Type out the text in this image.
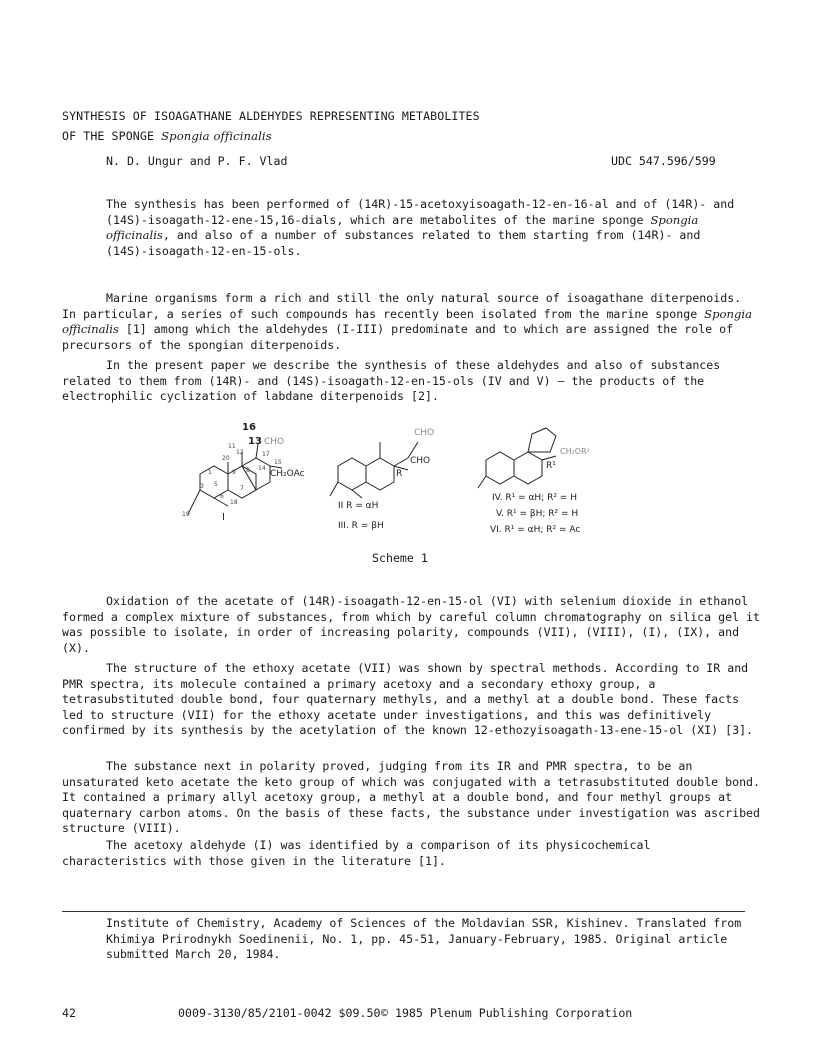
SYNTHESIS OF ISOAGATHANE ALDEHYDES REPRESENTING METABOLITES
OF THE SPONGE Spongia officinalis
N. D. Ungur and P. F. Vlad	UDC 547.596/599
The synthesis has been performed of (14R)-15-acetoxyisoagath-12-en-16-al and of (14R)- and (14S)-isoagath-12-ene-15,16-dials, which are metabolites of the marine sponge Spongia officinalis, and also of a number of substances related to them starting from (14R)- and (14S)-isoagath-12-en-15-ols.

Marine organisms form a rich and still the only natural source of isoagathane diterpenoids. In particular, a series of such compounds has recently been isolated from the marine sponge Spongia officinalis [1] among which the aldehydes (I-III) predominate and to which are assigned the role of precursors of the spongian diterpenoids.

In the present paper we describe the synthesis of these aldehydes and also of substances related to them from (14R)- and (14S)-isoagath-12-en-15-ols (IV and V) — the products of the electrophilic cyclization of labdane diterpenoids [2].

16
13 CHO
11
12
20
1	9 8 14
15
CH₂OAc
3 5
6
7
18
19
17
I
CHO
CHO
R
II R = αH
III. R = βH
CH₂OR²
R¹
IV. R¹ = αH; R² = H
V. R¹ = βH; R² = H
VI. R¹ = αH; R² = Ac
Scheme 1

Oxidation of the acetate of (14R)-isoagath-12-en-15-ol (VI) with selenium dioxide in ethanol formed a complex mixture of substances, from which by careful column chromatography on silica gel it was possible to isolate, in order of increasing polarity, compounds (VII), (VIII), (I), (IX), and (X).

The structure of the ethoxy acetate (VII) was shown by spectral methods. According to IR and PMR spectra, its molecule contained a primary acetoxy and a secondary ethoxy group, a tetrasubstituted double bond, four quaternary methyls, and a methyl at a double bond. These facts led to structure (VII) for the ethoxy acetate under investigations, and this was definitively confirmed by its synthesis by the acetylation of the known 12-ethozyisoagath-13-ene-15-ol (XI) [3].

The substance next in polarity proved, judging from its IR and PMR spectra, to be an unsaturated keto acetate the keto group of which was conjugated with a tetrasubstituted double bond. It contained a primary allyl acetoxy group, a methyl at a double bond, and four methyl groups at quaternary carbon atoms. On the basis of these facts, the substance under investigation was ascribed structure (VIII).

The acetoxy aldehyde (I) was identified by a comparison of its physicochemical characteristics with those given in the literature [1].

Institute of Chemistry, Academy of Sciences of the Moldavian SSR, Kishinev. Translated from Khimiya Prirodnykh Soedinenii, No. 1, pp. 45-51, January-February, 1985. Original article submitted March 20, 1984.
42	0009-3130/85/2101-0042 $09.50 © 1985 Plenum Publishing Corporation
